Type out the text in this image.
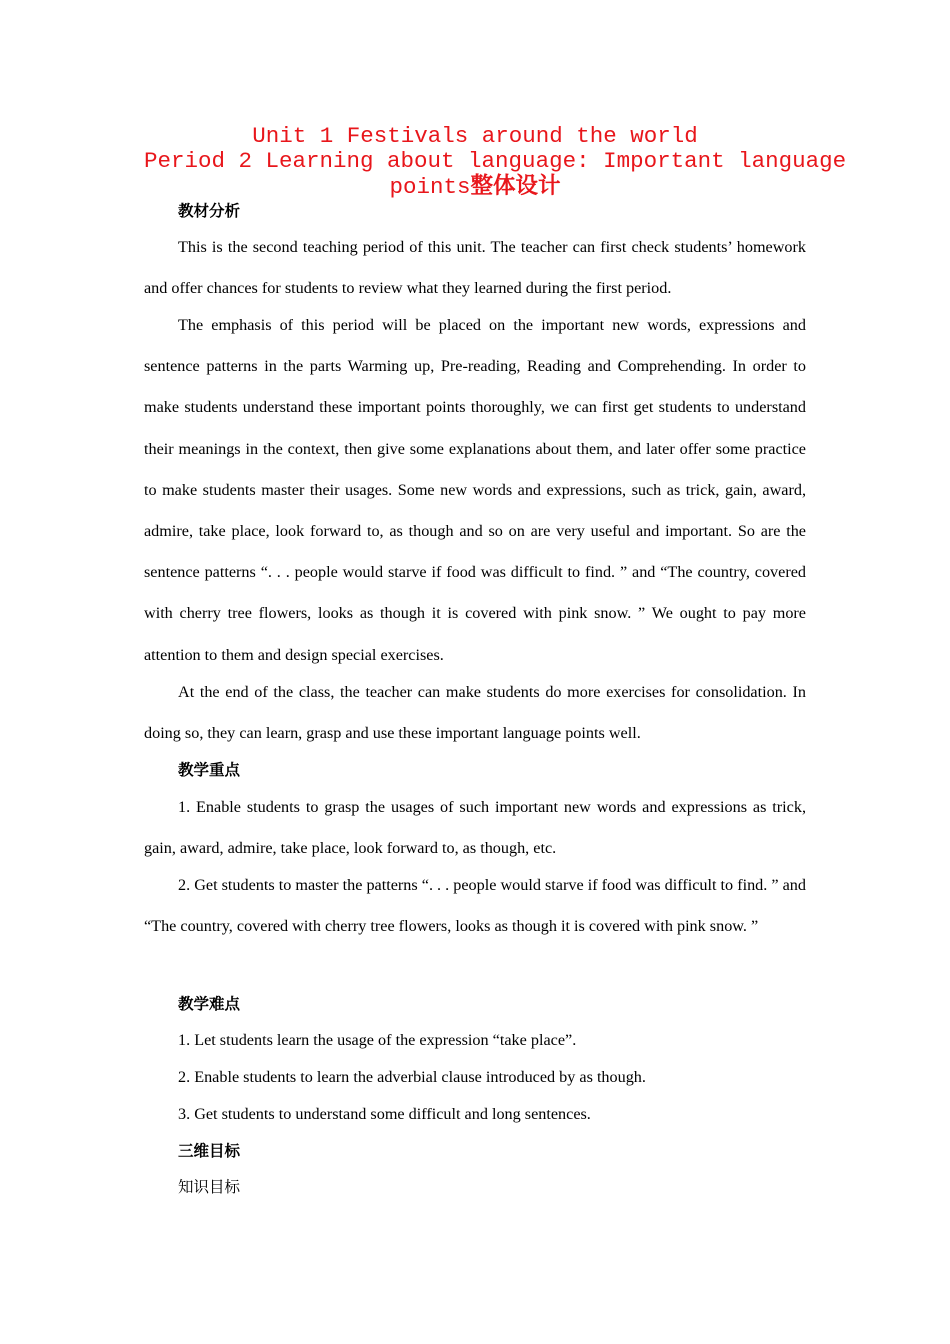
Unit 1 Festivals around the world
Period 2 Learning about language: Important language
points整体设计
教材分析

This is the second teaching period of this unit. The teacher can first check students’ homework and offer chances for students to review what they learned during the first period.

The emphasis of this period will be placed on the important new words, expressions and sentence patterns in the parts Warming up, Pre-reading, Reading and Comprehending. In order to make students understand these important points thoroughly, we can first get students to understand their meanings in the context, then give some explanations about them, and later offer some practice to make students master their usages. Some new words and expressions, such as trick, gain, award, admire, take place, look forward to, as though and so on are very useful and important. So are the sentence patterns “. . . people would starve if food was difficult to find. ” and “The country, covered with cherry tree flowers, looks as though it is covered with pink snow. ” We ought to pay more attention to them and design special exercises.

At the end of the class, the teacher can make students do more exercises for consolidation. In doing so, they can learn, grasp and use these important language points well.

教学重点

1. Enable students to grasp the usages of such important new words and expressions as trick, gain, award, admire, take place, look forward to, as though, etc.

2. Get students to master the patterns “. . . people would starve if food was difficult to find. ” and “The country, covered with cherry tree flowers, looks as though it is covered with pink snow. ”

教学难点
1. Let students learn the usage of the expression “take place”.
2. Enable students to learn the adverbial clause introduced by as though.
3. Get students to understand some difficult and long sentences.
三维目标
知识目标
